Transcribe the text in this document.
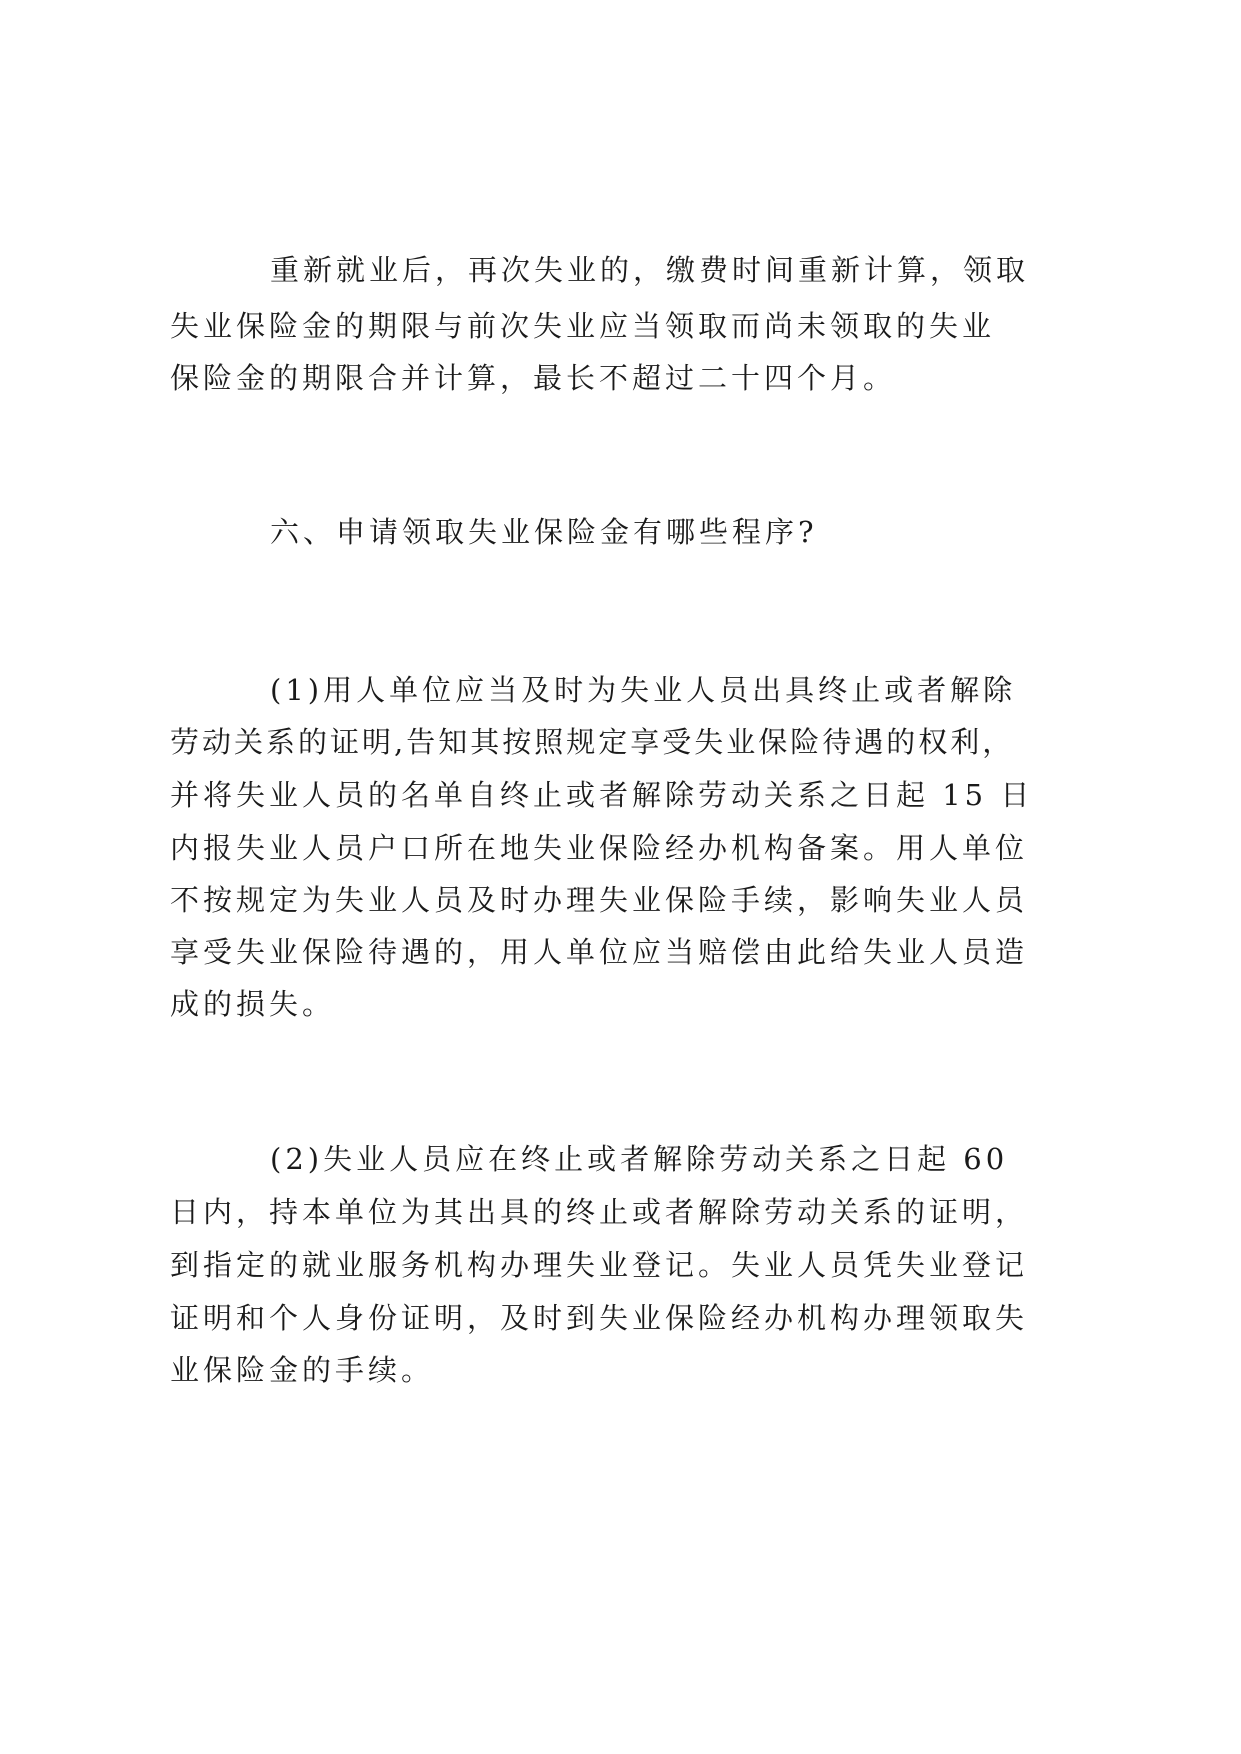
重新就业后，再次失业的，缴费时间重新计算，领取
失业保险金的期限与前次失业应当领取而尚未领取的失业
保险金的期限合并计算，最长不超过二十四个月。
六、申请领取失业保险金有哪些程序?
(1)用人单位应当及时为失业人员出具终止或者解除
劳动关系的证明,告知其按照规定享受失业保险待遇的权利，
并将失业人员的名单自终止或者解除劳动关系之日起 15 日
内报失业人员户口所在地失业保险经办机构备案。用人单位
不按规定为失业人员及时办理失业保险手续，影响失业人员
享受失业保险待遇的，用人单位应当赔偿由此给失业人员造
成的损失。
(2)失业人员应在终止或者解除劳动关系之日起 60
日内，持本单位为其出具的终止或者解除劳动关系的证明，
到指定的就业服务机构办理失业登记。失业人员凭失业登记
证明和个人身份证明，及时到失业保险经办机构办理领取失
业保险金的手续。
